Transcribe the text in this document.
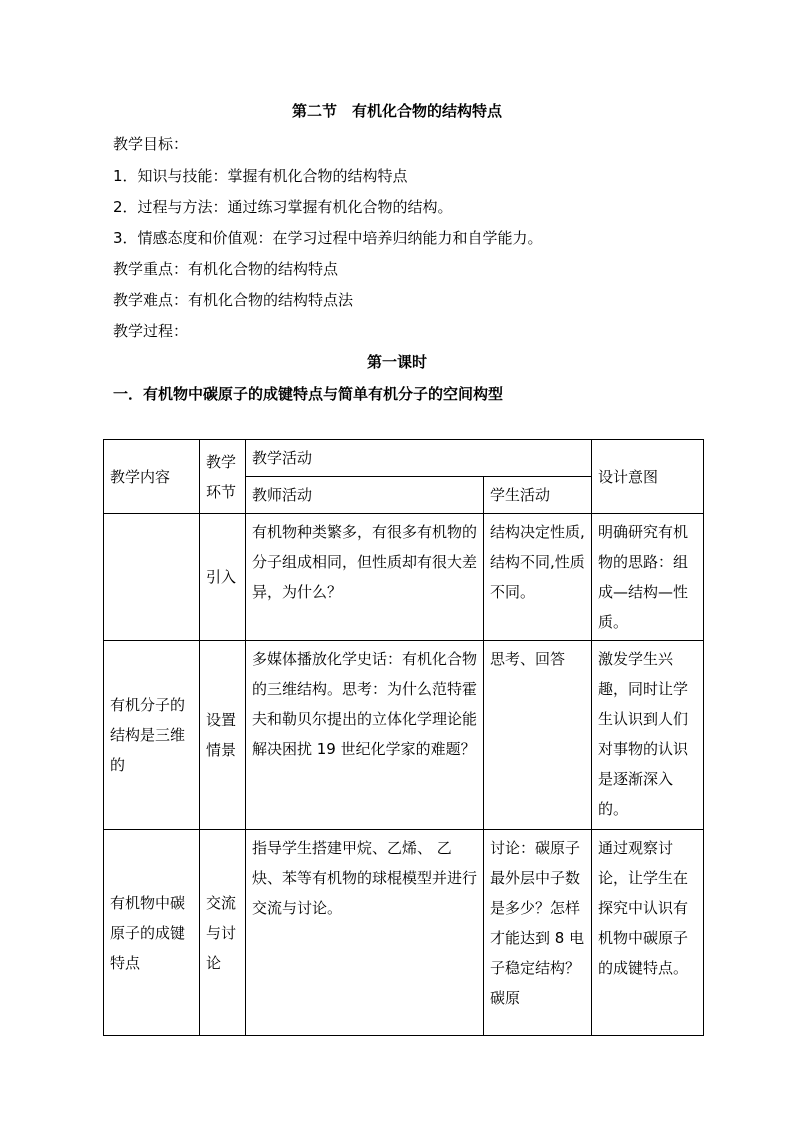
第二节　有机化合物的结构特点
教学目标：
1．知识与技能：掌握有机化合物的结构特点
2．过程与方法：通过练习掌握有机化合物的结构。
3．情感态度和价值观：在学习过程中培养归纳能力和自学能力。
教学重点：有机化合物的结构特点
教学难点：有机化合物的结构特点法
教学过程：
第一课时
一．有机物中碳原子的成键特点与简单有机分子的空间构型
教学内容	教学环节	教学活动		设计意图
		教师活动	学生活动	
	引入	有机物种类繁多，有很多有机物的分子组成相同，但性质却有很大差异，为什么？	结构决定性质,结构不同,性质不同。	明确研究有机物的思路：组成—结构—性质。
有机分子的结构是三维的	设置情景	多媒体播放化学史话：有机化合物的三维结构。思考：为什么范特霍夫和勒贝尔提出的立体化学理论能解决困扰 19 世纪化学家的难题？	思考、回答	激发学生兴趣，同时让学生认识到人们对事物的认识是逐渐深入的。
有机物中碳原子的成键特点	交流与讨论	指导学生搭建甲烷、乙烯、 乙炔、苯等有机物的球棍模型并进行交流与讨论。	讨论：碳原子最外层中子数是多少？怎样才能达到 8 电子稳定结构？碳原	通过观察讨论，让学生在探究中认识有机物中碳原子的成键特点。
